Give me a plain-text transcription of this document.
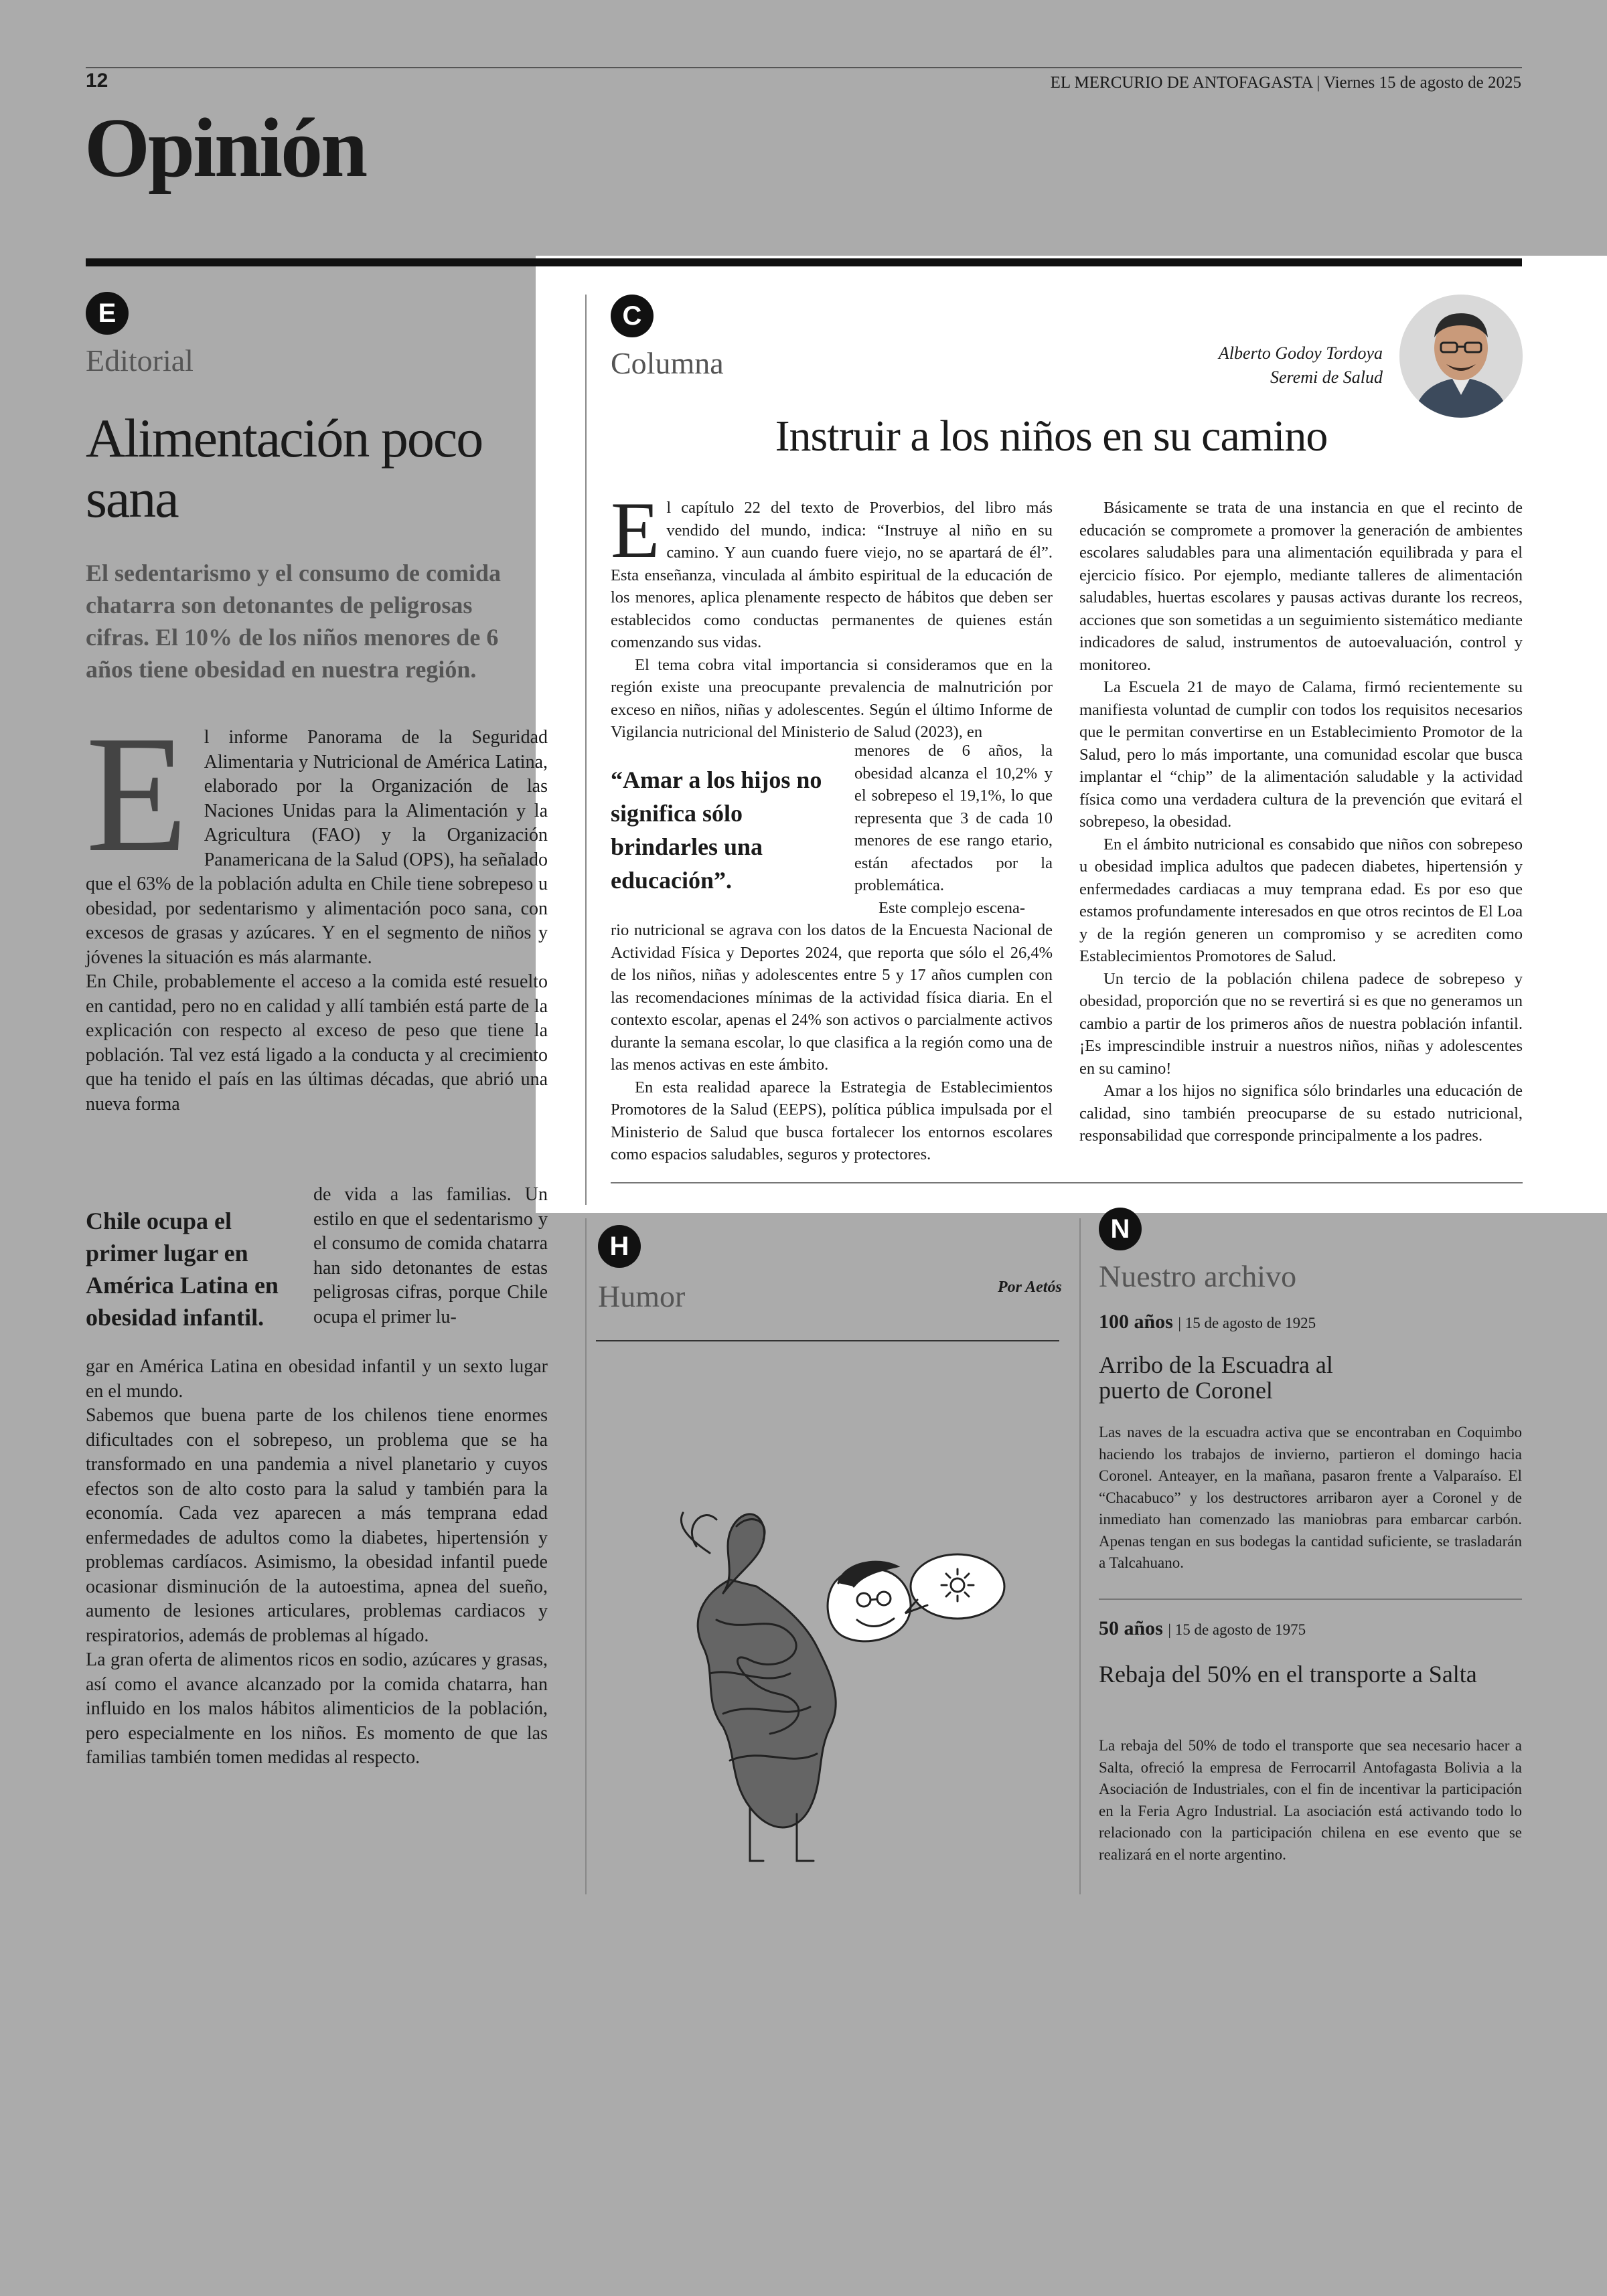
12	EL MERCURIO DE ANTOFAGASTA | Viernes 15 de agosto de 2025
Opinión
E
Editorial
Alimentación poco sana
El sedentarismo y el consumo de comida chatarra son detonantes de peligrosas cifras. El 10% de los niños menores de 6 años tiene obesidad en nuestra región.
E l informe Panorama de la Seguridad Alimentaria y Nutricional de América Latina, elaborado por la Organización de las Naciones Unidas para la Alimentación y la Agricultura (FAO) y la Organización Panamericana de la Salud (OPS), ha señalado que el 63% de la población adulta en Chile tiene sobrepeso u obesidad, por sedentarismo y alimentación poco sana, con excesos de grasas y azúcares. Y en el segmento de niños y jóvenes la situación es más alarmante.

En Chile, probablemente el acceso a la comida esté resuelto en cantidad, pero no en calidad y allí también está parte de la explicación con respecto al exceso de peso que tiene la población. Tal vez está ligado a la conducta y al crecimiento que ha tenido el país en las últimas décadas, que abrió una nueva forma

de vida a las familias. Un estilo en que el sedentarismo y el consumo de comida chatarra han sido detonantes de estas peligrosas cifras, porque Chile ocupa el primer lu-

Chile ocupa el primer lugar en América Latina en obesidad infantil.

gar en América Latina en obesidad infantil y un sexto lugar en el mundo.

Sabemos que buena parte de los chilenos tiene enormes dificultades con el sobrepeso, un problema que se ha transformado en una pandemia a nivel planetario y cuyos efectos son de alto costo para la salud y también para la economía. Cada vez aparecen a más temprana edad enfermedades de adultos como la diabetes, hipertensión y problemas cardíacos. Asimismo, la obesidad infantil puede ocasionar disminución de la autoestima, apnea del sueño, aumento de lesiones articulares, problemas cardiacos y respiratorios, además de problemas al hígado.

La gran oferta de alimentos ricos en sodio, azúcares y grasas, así como el avance alcanzado por la comida chatarra, han influido en los malos hábitos alimenticios de la población, pero especialmente en los niños. Es momento de que las familias también tomen medidas al respecto.

C
Columna	Alberto Godoy Tordoya
Seremi de Salud
Instruir a los niños en su camino
E l capítulo 22 del texto de Proverbios, del libro más vendido del mundo, indica: “Instruye al niño en su camino. Y aun cuando fuere viejo, no se apartará de él”. Esta enseñanza, vinculada al ámbito espiritual de la educación de los menores, aplica plenamente respecto de hábitos que deben ser establecidos como conductas permanentes de quienes están comenzando sus vidas.

El tema cobra vital importancia si consideramos que en la región existe una preocupante prevalencia de malnutrición por exceso en niños, niñas y adolescentes. Según el último Informe de Vigilancia nutricional del Ministerio de Salud (2023), en

menores de 6 años, la obesidad alcanza el 10,2% y el sobrepeso el 19,1%, lo que representa que 3 de cada 10 menores de ese rango etario, están afectados por la problemática.

Este complejo escena-

“Amar a los hijos no significa sólo brindarles una educación”.

rio nutricional se agrava con los datos de la Encuesta Nacional de Actividad Física y Deportes 2024, que reporta que sólo el 26,4% de los niños, niñas y adolescentes entre 5 y 17 años cumplen con las recomendaciones mínimas de la actividad física diaria. En el contexto escolar, apenas el 24% son activos o parcialmente activos durante la semana escolar, lo que clasifica a la región como una de las menos activas en este ámbito.

En esta realidad aparece la Estrategia de Establecimientos Promotores de la Salud (EEPS), política pública impulsada por el Ministerio de Salud que busca fortalecer los entornos escolares como espacios saludables, seguros y protectores.

Básicamente se trata de una instancia en que el recinto de educación se compromete a promover la generación de ambientes escolares saludables para una alimentación equilibrada y para el ejercicio físico. Por ejemplo, mediante talleres de alimentación saludables, huertas escolares y pausas activas durante los recreos, acciones que son sometidas a un seguimiento sistemático mediante indicadores de salud, instrumentos de autoevaluación, control y monitoreo.

La Escuela 21 de mayo de Calama, firmó recientemente su manifiesta voluntad de cumplir con todos los requisitos necesarios que le permitan convertirse en un Establecimiento Promotor de la Salud, pero lo más importante, una comunidad escolar que busca implantar el “chip” de la alimentación saludable y la actividad física como una verdadera cultura de la prevención que evitará el sobrepeso, la obesidad.

En el ámbito nutricional es consabido que niños con sobrepeso u obesidad implica adultos que padecen diabetes, hipertensión y enfermedades cardiacas a muy temprana edad. Es por eso que estamos profundamente interesados en que otros recintos de El Loa y de la región generen un compromiso y se acrediten como Establecimientos Promotores de Salud.

Un tercio de la población chilena padece de sobrepeso y obesidad, proporción que no se revertirá si es que no generamos un cambio a partir de los primeros años de nuestra población infantil. ¡Es imprescindible instruir a nuestros niños, niñas y adolescentes en su camino!

Amar a los hijos no significa sólo brindarles una educación de calidad, sino también preocuparse de su estado nutricional, responsabilidad que corresponde principalmente a los padres.

H
Humor	Por Aetós
N
Nuestro archivo
100 años | 15 de agosto de 1925
Arribo de la Escuadra al puerto de Coronel
Las naves de la escuadra activa que se encontraban en Coquimbo haciendo los trabajos de invierno, partieron el domingo hacia Coronel. Anteayer, en la mañana, pasaron frente a Valparaíso. El “Chacabuco” y los destructores arribaron ayer a Coronel y de inmediato han comenzado las maniobras para embarcar carbón. Apenas tengan en sus bodegas la cantidad suficiente, se trasladarán a Talcahuano.
50 años | 15 de agosto de 1975
Rebaja del 50% en el transporte a Salta
La rebaja del 50% de todo el transporte que sea necesario hacer a Salta, ofreció la empresa de Ferrocarril Antofagasta Bolivia a la Asociación de Industriales, con el fin de incentivar la participación en la Feria Agro Industrial. La asociación está activando todo lo relacionado con la participación chilena en ese evento que se realizará en el norte argentino.
